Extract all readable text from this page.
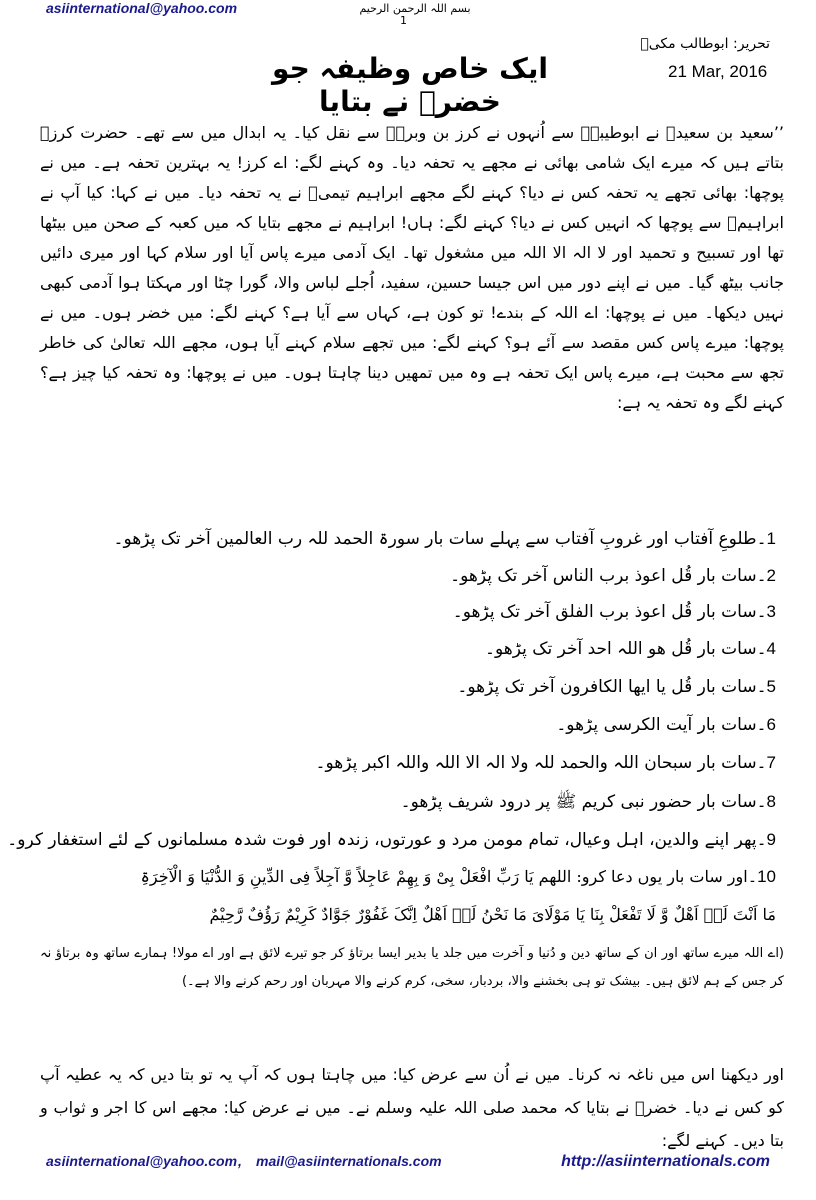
asiinternational@yahoo.com	بسم اللہ الرحمن الرحیم
1
تحریر: ابوطالب مکیؒ
ایک خاص وظیفہ جو خضرؑ نے بتایا
21 Mar, 2016
’’سعید بن سعیدؒ نے ابوطیبہؒ سے اُنہوں نے کرز بن وبرہؒ سے نقل کیا۔ یہ ابدال میں سے تھے۔ حضرت کرزؒ بتاتے ہیں کہ میرے ایک شامی بھائی نے مجھے یہ تحفہ دیا۔ وہ کہنے لگے: اے کرز! یہ بہترین تحفہ ہے۔ میں نے پوچھا: بھائی تجھے یہ تحفہ کس نے دیا؟ کہنے لگے مجھے ابراہیم تیمیؒ نے یہ تحفہ دیا۔ میں نے کہا: کیا آپ نے ابراہیمؒ سے پوچھا کہ انہیں کس نے دیا؟ کہنے لگے: ہاں! ابراہیم نے مجھے بتایا کہ میں کعبہ کے صحن میں بیٹھا تھا اور تسبیح و تحمید اور لا الہ الا اللہ میں مشغول تھا۔ ایک آدمی میرے پاس آیا اور سلام کہا اور میری دائیں جانب بیٹھ گیا۔ میں نے اپنے دور میں اس جیسا حسین، سفید، اُجلے لباس والا، گورا چٹا اور مہکتا ہوا آدمی کبھی نہیں دیکھا۔ میں نے پوچھا: اے اللہ کے بندے! تو کون ہے، کہاں سے آیا ہے؟ کہنے لگے: میں خضر ہوں۔ میں نے پوچھا: میرے پاس کس مقصد سے آئے ہو؟ کہنے لگے: میں تجھے سلام کہنے آیا ہوں، مجھے اللہ تعالیٰ کی خاطر تجھ سے محبت ہے، میرے پاس ایک تحفہ ہے وہ میں تمھیں دینا چاہتا ہوں۔ میں نے پوچھا: وہ تحفہ کیا چیز ہے؟ کہنے لگے وہ تحفہ یہ ہے:
1۔طلوعِ آفتاب اور غروبِ آفتاب سے پہلے سات بار سورۃ الحمد للہ رب العالمین آخر تک پڑھو۔
2۔سات بار قُل اعوذ برب الناس آخر تک پڑھو۔
3۔سات بار قُل اعوذ برب الفلق آخر تک پڑھو۔
4۔سات بار قُل ھو اللہ احد آخر تک پڑھو۔
5۔سات بار قُل یا ایھا الکافرون آخر تک پڑھو۔
6۔سات بار آیت الکرسی پڑھو۔
7۔سات بار سبحان اللہ والحمد للہ ولا الہ الا اللہ واللہ اکبر پڑھو۔
8۔سات بار حضور نبی کریم ﷺ پر درود شریف پڑھو۔
9۔پھر اپنے والدین، اہل وعیال، تمام مومن مرد و عورتوں، زندہ اور فوت شدہ مسلمانوں کے لئے استغفار کرو۔
10۔اور سات بار یوں دعا کرو: اللھم یَا رَبِّ افْعَلْ بِیْ وَ بِھِمْ عَاجِلاً وَّ آجِلاً فِی الدِّینِ وَ الدُّنْیَا وَ الْآخِرَۃِ
مَا اَنْتَ لَہٗ اَھْلٌ وَّ لَا تَفْعَلْ بِنَا یَا مَوْلَایَ مَا نَحْنُ لَہٗ اَھْلٌ اِنَّکَ غَفُوْرٌ جَوَّادٌ کَرِیْمٌ رَؤُفٌ رَّحِیْمٌ
(اے اللہ میرے ساتھ اور ان کے ساتھ دین و دُنیا و آخرت میں جلد یا بدیر ایسا برتاؤ کر جو تیرے لائق ہے اور اے مولا! ہمارے ساتھ وہ برتاؤ نہ کر جس کے ہم لائق ہیں۔ بیشک تو ہی بخشنے والا، بردبار، سخی، کرم کرنے والا مہربان اور رحم کرنے والا ہے۔)
اور دیکھنا اس میں ناغہ نہ کرنا۔ میں نے اُن سے عرض کیا: میں چاہتا ہوں کہ آپ یہ تو بتا دیں کہ یہ عطیہ آپ کو کس نے دیا۔ خضرؑ نے بتایا کہ محمد صلی اللہ علیہ وسلم نے۔ میں نے عرض کیا: مجھے اس کا اجر و ثواب و بتا دیں۔ کہنے لگے:
asiinternational@yahoo.com , mail@asiinternationals.com	http://asiinternationals.com
